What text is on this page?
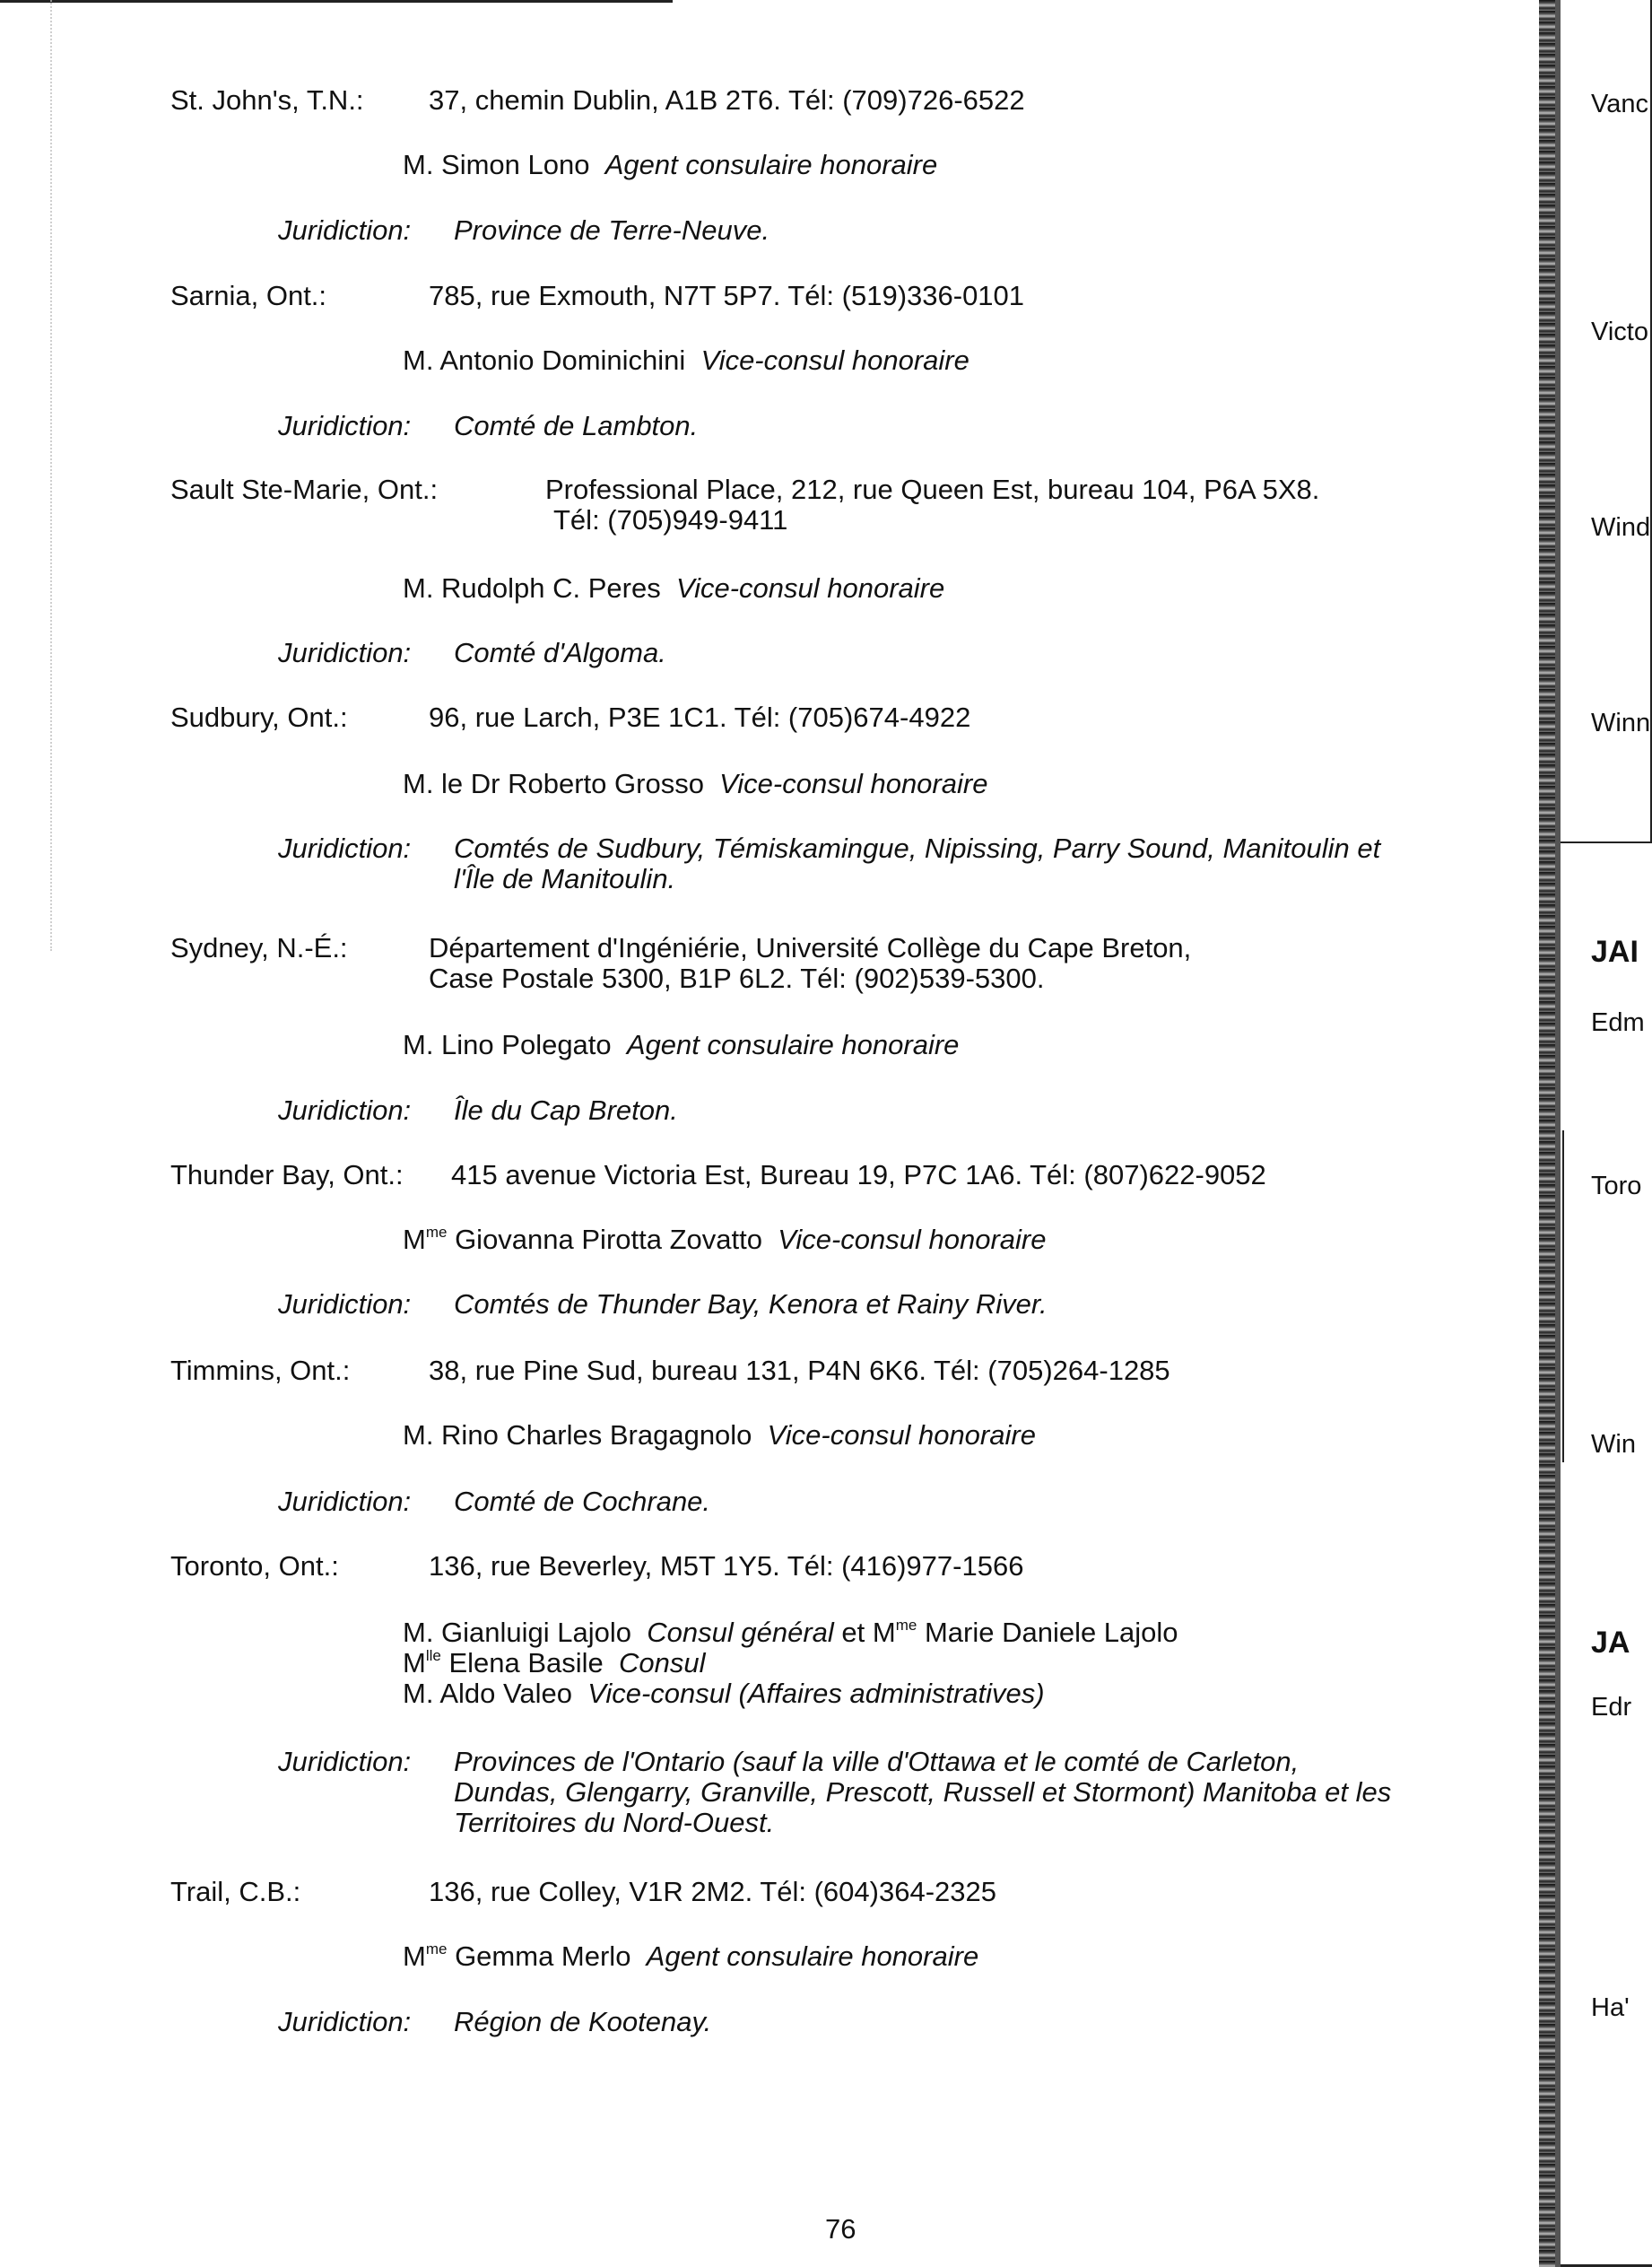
St. John's, T.N.: 37, chemin Dublin, A1B 2T6. Tél: (709)726-6522
M. Simon Lono Agent consulaire honoraire
Juridiction: Province de Terre-Neuve.
Sarnia, Ont.:	785, rue Exmouth, N7T 5P7. Tél: (519)336-0101
M. Antonio Dominichini Vice-consul honoraire
Juridiction: Comté de Lambton.
Sault Ste-Marie, Ont.:	Professional Place, 212, rue Queen Est, bureau 104, P6A 5X8.
Tél: (705)949-9411
M. Rudolph C. Peres Vice-consul honoraire
Juridiction: Comté d'Algoma.
Sudbury, Ont.:	96, rue Larch, P3E 1C1. Tél: (705)674-4922
M. le Dr Roberto Grosso Vice-consul honoraire
Juridiction: Comtés de Sudbury, Témiskamingue, Nipissing, Parry Sound, Manitoulin et
l'Île de Manitoulin.
Sydney, N.-É.:	Département d'Ingéniérie, Université Collège du Cape Breton,
Case Postale 5300, B1P 6L2. Tél: (902)539-5300.
M. Lino Polegato Agent consulaire honoraire
Juridiction: Île du Cap Breton.
Thunder Bay, Ont.: 415 avenue Victoria Est, Bureau 19, P7C 1A6. Tél: (807)622-9052
$M^{me}$ Giovanna Pirotta Zovatto Vice-consul honoraire
Juridiction: Comtés de Thunder Bay, Kenora et Rainy River.
Timmins, Ont.:	38, rue Pine Sud, bureau 131, P4N 6K6. Tél: (705)264-1285
M. Rino Charles Bragagnolo Vice-consul honoraire
Juridiction: Comté de Cochrane.
Toronto, Ont.:	136, rue Beverley, M5T 1Y5. Tél: (416)977-1566
M. Gianluigi Lajolo Consul général et $M^{me}$ Marie Daniele Lajolo
$M^{lle}$ Elena Basile Consul
M. Aldo Valeo Vice-consul (Affaires administratives)
Juridiction: Provinces de l'Ontario (sauf la ville d'Ottawa et le comté de Carleton,
Dundas, Glengarry, Granville, Prescott, Russell et Stormont) Manitoba et les
Territoires du Nord-Ouest.
Trail, C.B.:	136, rue Colley, V1R 2M2. Tél: (604)364-2325
$M^{me}$ Gemma Merlo Agent consulaire honoraire
Juridiction: Région de Kootenay.
76
Vanc
Victo
Wind
Winn
JAI
Edm
Toro
Win
JA
Edr
Ha'
